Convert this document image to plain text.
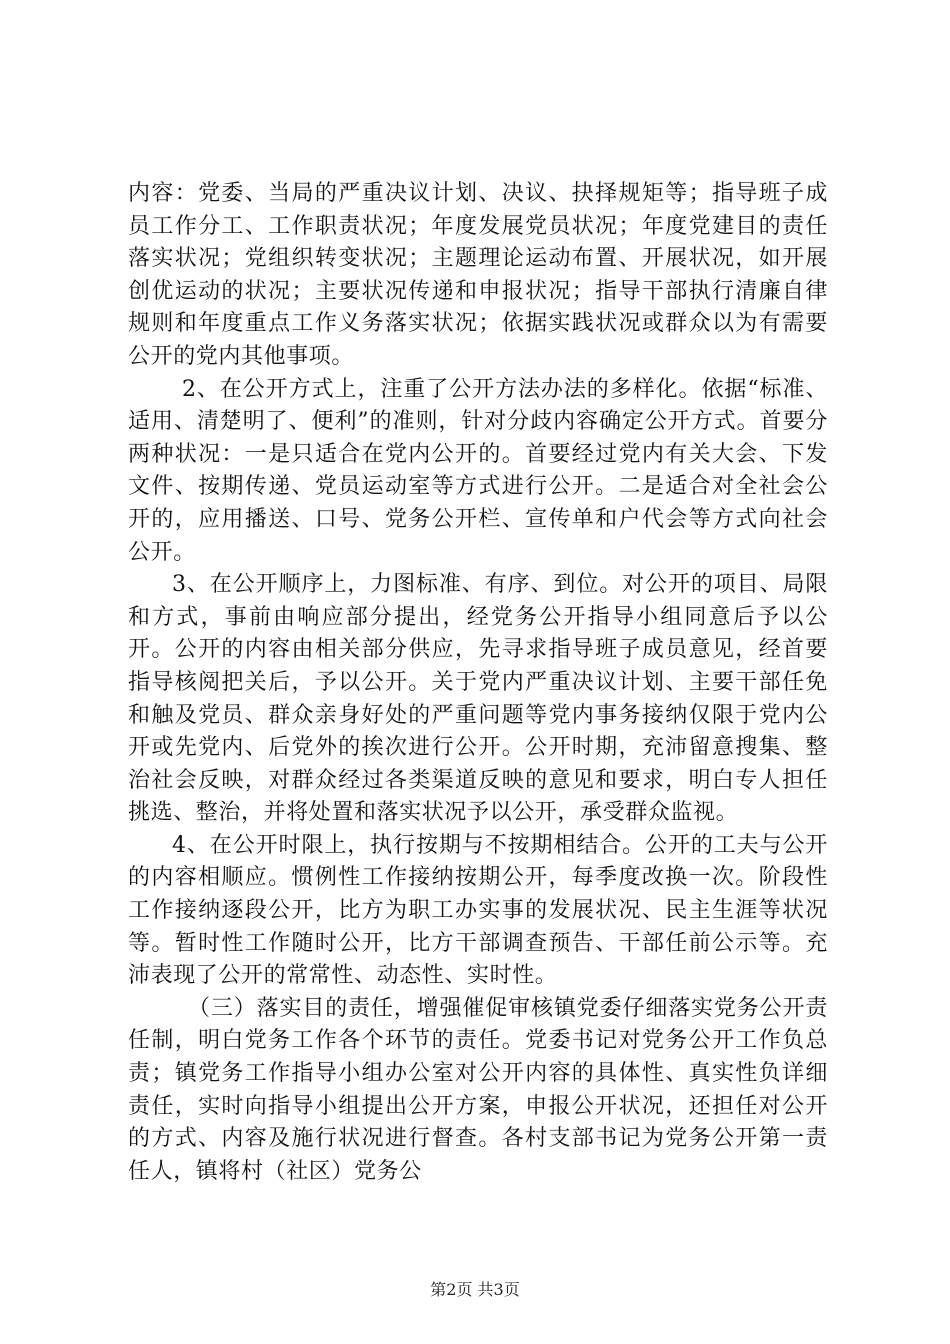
内容：党委、当局的严重决议计划、决议、抉择规矩等；指导班子成员工作分工、工作职责状况；年度发展党员状况；年度党建目的责任落实状况；党组织转变状况；主题理论运动布置、开展状况，如开展创优运动的状况；主要状况传递和申报状况；指导干部执行清廉自律规则和年度重点工作义务落实状况；依据实践状况或群众以为有需要公开的党内其他事项。

2、在公开方式上，注重了公开方法办法的多样化。依据“标准、适用、清楚明了、便利”的准则，针对分歧内容确定公开方式。首要分两种状况：一是只适合在党内公开的。首要经过党内有关大会、下发文件、按期传递、党员运动室等方式进行公开。二是适合对全社会公开的，应用播送、口号、党务公开栏、宣传单和户代会等方式向社会公开。

3、在公开顺序上，力图标准、有序、到位。对公开的项目、局限和方式，事前由响应部分提出，经党务公开指导小组同意后予以公开。公开的内容由相关部分供应，先寻求指导班子成员意见，经首要指导核阅把关后，予以公开。关于党内严重决议计划、主要干部任免和触及党员、群众亲身好处的严重问题等党内事务接纳仅限于党内公开或先党内、后党外的挨次进行公开。公开时期，充沛留意搜集、整治社会反映，对群众经过各类渠道反映的意见和要求，明白专人担任挑选、整治，并将处置和落实状况予以公开，承受群众监视。

4、在公开时限上，执行按期与不按期相结合。公开的工夫与公开的内容相顺应。惯例性工作接纳按期公开，每季度改换一次。阶段性工作接纳逐段公开，比方为职工办实事的发展状况、民主生涯等状况等。暂时性工作随时公开，比方干部调查预告、干部任前公示等。充沛表现了公开的常常性、动态性、实时性。

（三）落实目的责任，增强催促审核镇党委仔细落实党务公开责任制，明白党务工作各个环节的责任。党委书记对党务公开工作负总责；镇党务工作指导小组办公室对公开内容的具体性、真实性负详细责任，实时向指导小组提出公开方案，申报公开状况，还担任对公开的方式、内容及施行状况进行督查。各村支部书记为党务公开第一责任人，镇将村（社区）党务公

第2页 共3页
